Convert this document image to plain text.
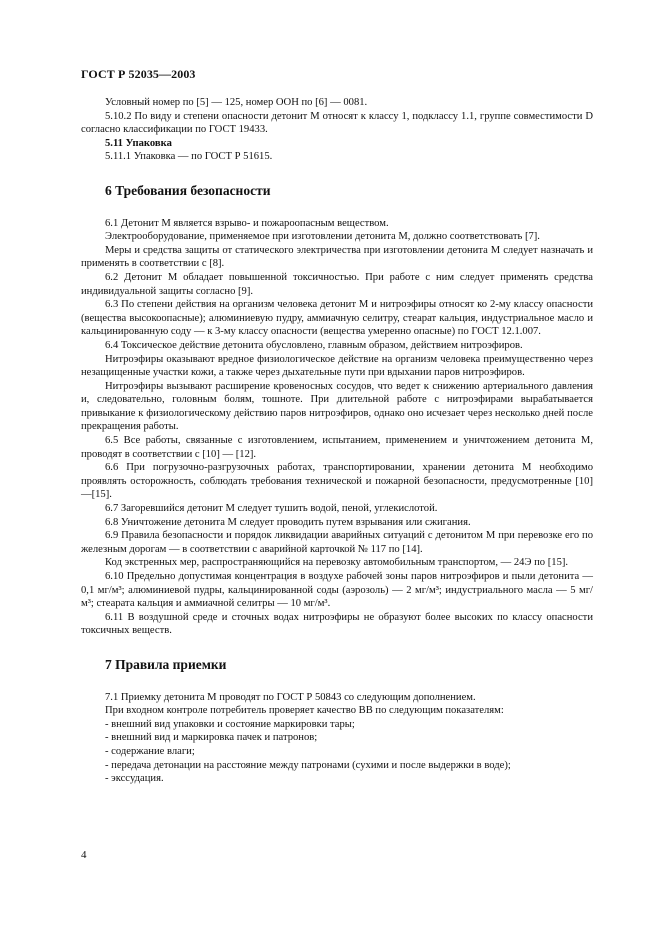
ГОСТ Р 52035—2003

Условный номер по [5] — 125, номер ООН по [6] — 0081.

5.10.2 По виду и степени опасности детонит М относят к классу 1, подклассу 1.1, группе совместимости D согласно классификации по ГОСТ 19433.

5.11 Упаковка

5.11.1 Упаковка — по ГОСТ Р 51615.

6 Требования безопасности

6.1 Детонит М является взрыво- и пожароопасным веществом.

Электрооборудование, применяемое при изготовлении детонита М, должно соответствовать [7].

Меры и средства защиты от статического электричества при изготовлении детонита М следует назначать и применять в соответствии с [8].

6.2 Детонит М обладает повышенной токсичностью. При работе с ним следует применять средства индивидуальной защиты согласно [9].

6.3 По степени действия на организм человека детонит М и нитроэфиры относят ко 2-му классу опасности (вещества высокоопасные); алюминиевую пудру, аммиачную селитру, стеарат кальция, индустриальное масло и кальцинированную соду — к 3-му классу опасности (вещества умеренно опасные) по ГОСТ 12.1.007.

6.4 Токсическое действие детонита обусловлено, главным образом, действием нитроэфиров.

Нитроэфиры оказывают вредное физиологическое действие на организм человека преимущественно через незащищенные участки кожи, а также через дыхательные пути при вдыхании паров нитроэфиров.

Нитроэфиры вызывают расширение кровеносных сосудов, что ведет к снижению артериального давления и, следовательно, головным болям, тошноте. При длительной работе с нитроэфирами вырабатывается привыкание к физиологическому действию паров нитроэфиров, однако оно исчезает через несколько дней после прекращения работы.

6.5 Все работы, связанные с изготовлением, испытанием, применением и уничтожением детонита М, проводят в соответствии с [10] — [12].

6.6 При погрузочно-разгрузочных работах, транспортировании, хранении детонита М необходимо проявлять осторожность, соблюдать требования технической и пожарной безопасности, предусмотренные [10] —[15].

6.7 Загоревшийся детонит М следует тушить водой, пеной, углекислотой.

6.8 Уничтожение детонита М следует проводить путем взрывания или сжигания.

6.9 Правила безопасности и порядок ликвидации аварийных ситуаций с детонитом М при перевозке его по железным дорогам — в соответствии с аварийной карточкой № 117 по [14].

Код экстренных мер, распространяющийся на перевозку автомобильным транспортом, — 24Э по [15].

6.10 Предельно допустимая концентрация в воздухе рабочей зоны паров нитроэфиров и пыли детонита — 0,1 мг/м³; алюминиевой пудры, кальцинированной соды (аэрозоль) — 2 мг/м³; индустриального масла — 5 мг/м³; стеарата кальция и аммиачной селитры — 10 мг/м³.

6.11 В воздушной среде и сточных водах нитроэфиры не образуют более высоких по классу опасности токсичных веществ.

7 Правила приемки

7.1 Приемку детонита М проводят по ГОСТ Р 50843 со следующим дополнением.

При входном контроле потребитель проверяет качество ВВ по следующим показателям:

- внешний вид упаковки и состояние маркировки тары;
- внешний вид и маркировка пачек и патронов;
- содержание влаги;
- передача детонации на расстояние между патронами (сухими и после выдержки в воде);
- эксcудация.
4
